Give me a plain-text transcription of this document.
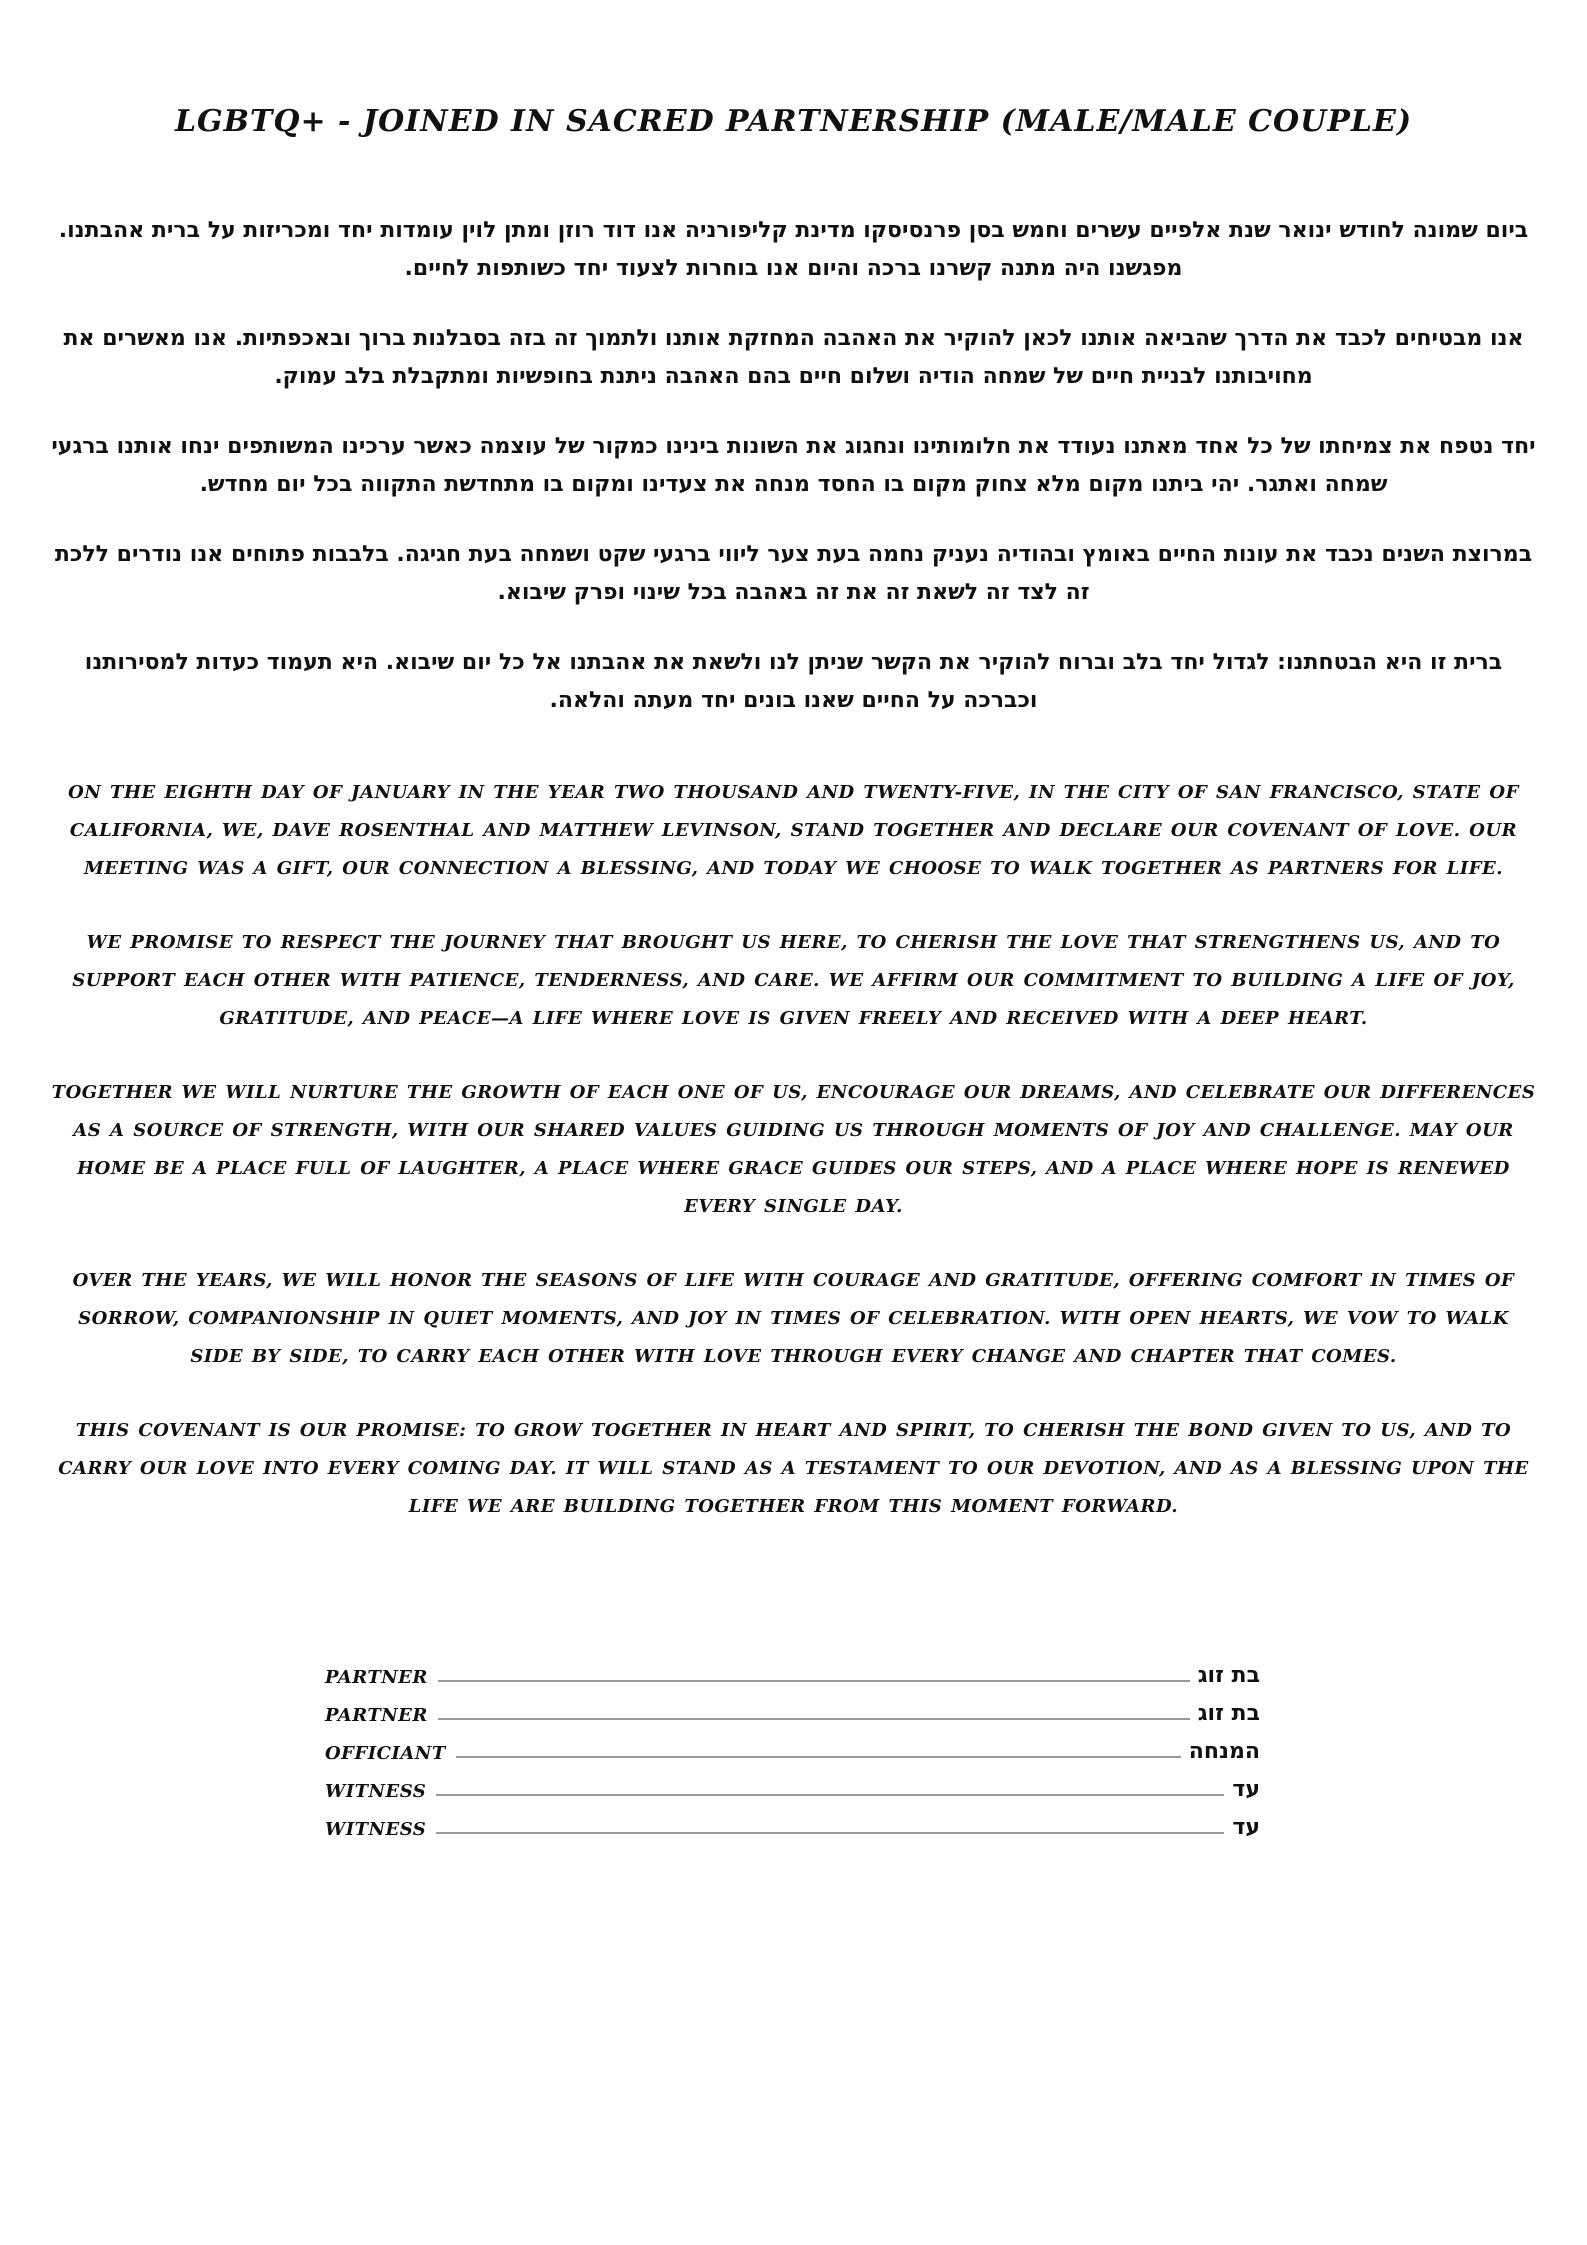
LGBTQ+ - JOINED IN SACRED PARTNERSHIP (MALE/MALE COUPLE)

ביום שמונה לחודש ינואר שנת אלפיים עשרים וחמש בסן פרנסיסקו מדינת קליפורניה אנו דוד רוזן ומתן לוין עומדות יחד ומכריזות על ברית אהבתנו. מפגשנו היה מתנה קשרנו ברכה והיום אנו בוחרות לצעוד יחד כשותפות לחיים.

אנו מבטיחים לכבד את הדרך שהביאה אותנו לכאן להוקיר את האהבה המחזקת אותנו ולתמוך זה בזה בסבלנות ברוך ובאכפתיות. אנו מאשרים את מחויבותנו לבניית חיים של שמחה הודיה ושלום חיים בהם האהבה ניתנת בחופשיות ומתקבלת בלב עמוק.

יחד נטפח את צמיחתו של כל אחד מאתנו נעודד את חלומותינו ונחגוג את השונות בינינו כמקור של עוצמה כאשר ערכינו המשותפים ינחו אותנו ברגעי שמחה ואתגר. יהי ביתנו מקום מלא צחוק מקום בו החסד מנחה את צעדינו ומקום בו מתחדשת התקווה בכל יום מחדש.

במרוצת השנים נכבד את עונות החיים באומץ ובהודיה נעניק נחמה בעת צער ליווי ברגעי שקט ושמחה בעת חגיגה. בלבבות פתוחים אנו נודרים ללכת זה לצד זה לשאת זה את זה באהבה בכל שינוי ופרק שיבוא.

ברית זו היא הבטחתנו: לגדול יחד בלב וברוח להוקיר את הקשר שניתן לנו ולשאת את אהבתנו אל כל יום שיבוא. היא תעמוד כעדות למסירותנו וכברכה על החיים שאנו בונים יחד מעתה והלאה.

ON THE EIGHTH DAY OF JANUARY IN THE YEAR TWO THOUSAND AND TWENTY-FIVE, IN THE CITY OF SAN FRANCISCO, STATE OF CALIFORNIA, WE, DAVE ROSENTHAL AND MATTHEW LEVINSON, STAND TOGETHER AND DECLARE OUR COVENANT OF LOVE. OUR MEETING WAS A GIFT, OUR CONNECTION A BLESSING, AND TODAY WE CHOOSE TO WALK TOGETHER AS PARTNERS FOR LIFE.

WE PROMISE TO RESPECT THE JOURNEY THAT BROUGHT US HERE, TO CHERISH THE LOVE THAT STRENGTHENS US, AND TO SUPPORT EACH OTHER WITH PATIENCE, TENDERNESS, AND CARE. WE AFFIRM OUR COMMITMENT TO BUILDING A LIFE OF JOY, GRATITUDE, AND PEACE—A LIFE WHERE LOVE IS GIVEN FREELY AND RECEIVED WITH A DEEP HEART.

TOGETHER WE WILL NURTURE THE GROWTH OF EACH ONE OF US, ENCOURAGE OUR DREAMS, AND CELEBRATE OUR DIFFERENCES AS A SOURCE OF STRENGTH, WITH OUR SHARED VALUES GUIDING US THROUGH MOMENTS OF JOY AND CHALLENGE. MAY OUR HOME BE A PLACE FULL OF LAUGHTER, A PLACE WHERE GRACE GUIDES OUR STEPS, AND A PLACE WHERE HOPE IS RENEWED EVERY SINGLE DAY.

OVER THE YEARS, WE WILL HONOR THE SEASONS OF LIFE WITH COURAGE AND GRATITUDE, OFFERING COMFORT IN TIMES OF SORROW, COMPANIONSHIP IN QUIET MOMENTS, AND JOY IN TIMES OF CELEBRATION. WITH OPEN HEARTS, WE VOW TO WALK SIDE BY SIDE, TO CARRY EACH OTHER WITH LOVE THROUGH EVERY CHANGE AND CHAPTER THAT COMES.

THIS COVENANT IS OUR PROMISE: TO GROW TOGETHER IN HEART AND SPIRIT, TO CHERISH THE BOND GIVEN TO US, AND TO CARRY OUR LOVE INTO EVERY COMING DAY. IT WILL STAND AS A TESTAMENT TO OUR DEVOTION, AND AS A BLESSING UPON THE LIFE WE ARE BUILDING TOGETHER FROM THIS MOMENT FORWARD.

PARTNER	בת זוג
PARTNER	בת זוג
OFFICIANT	המנחה
WITNESS	עד
WITNESS	עד
